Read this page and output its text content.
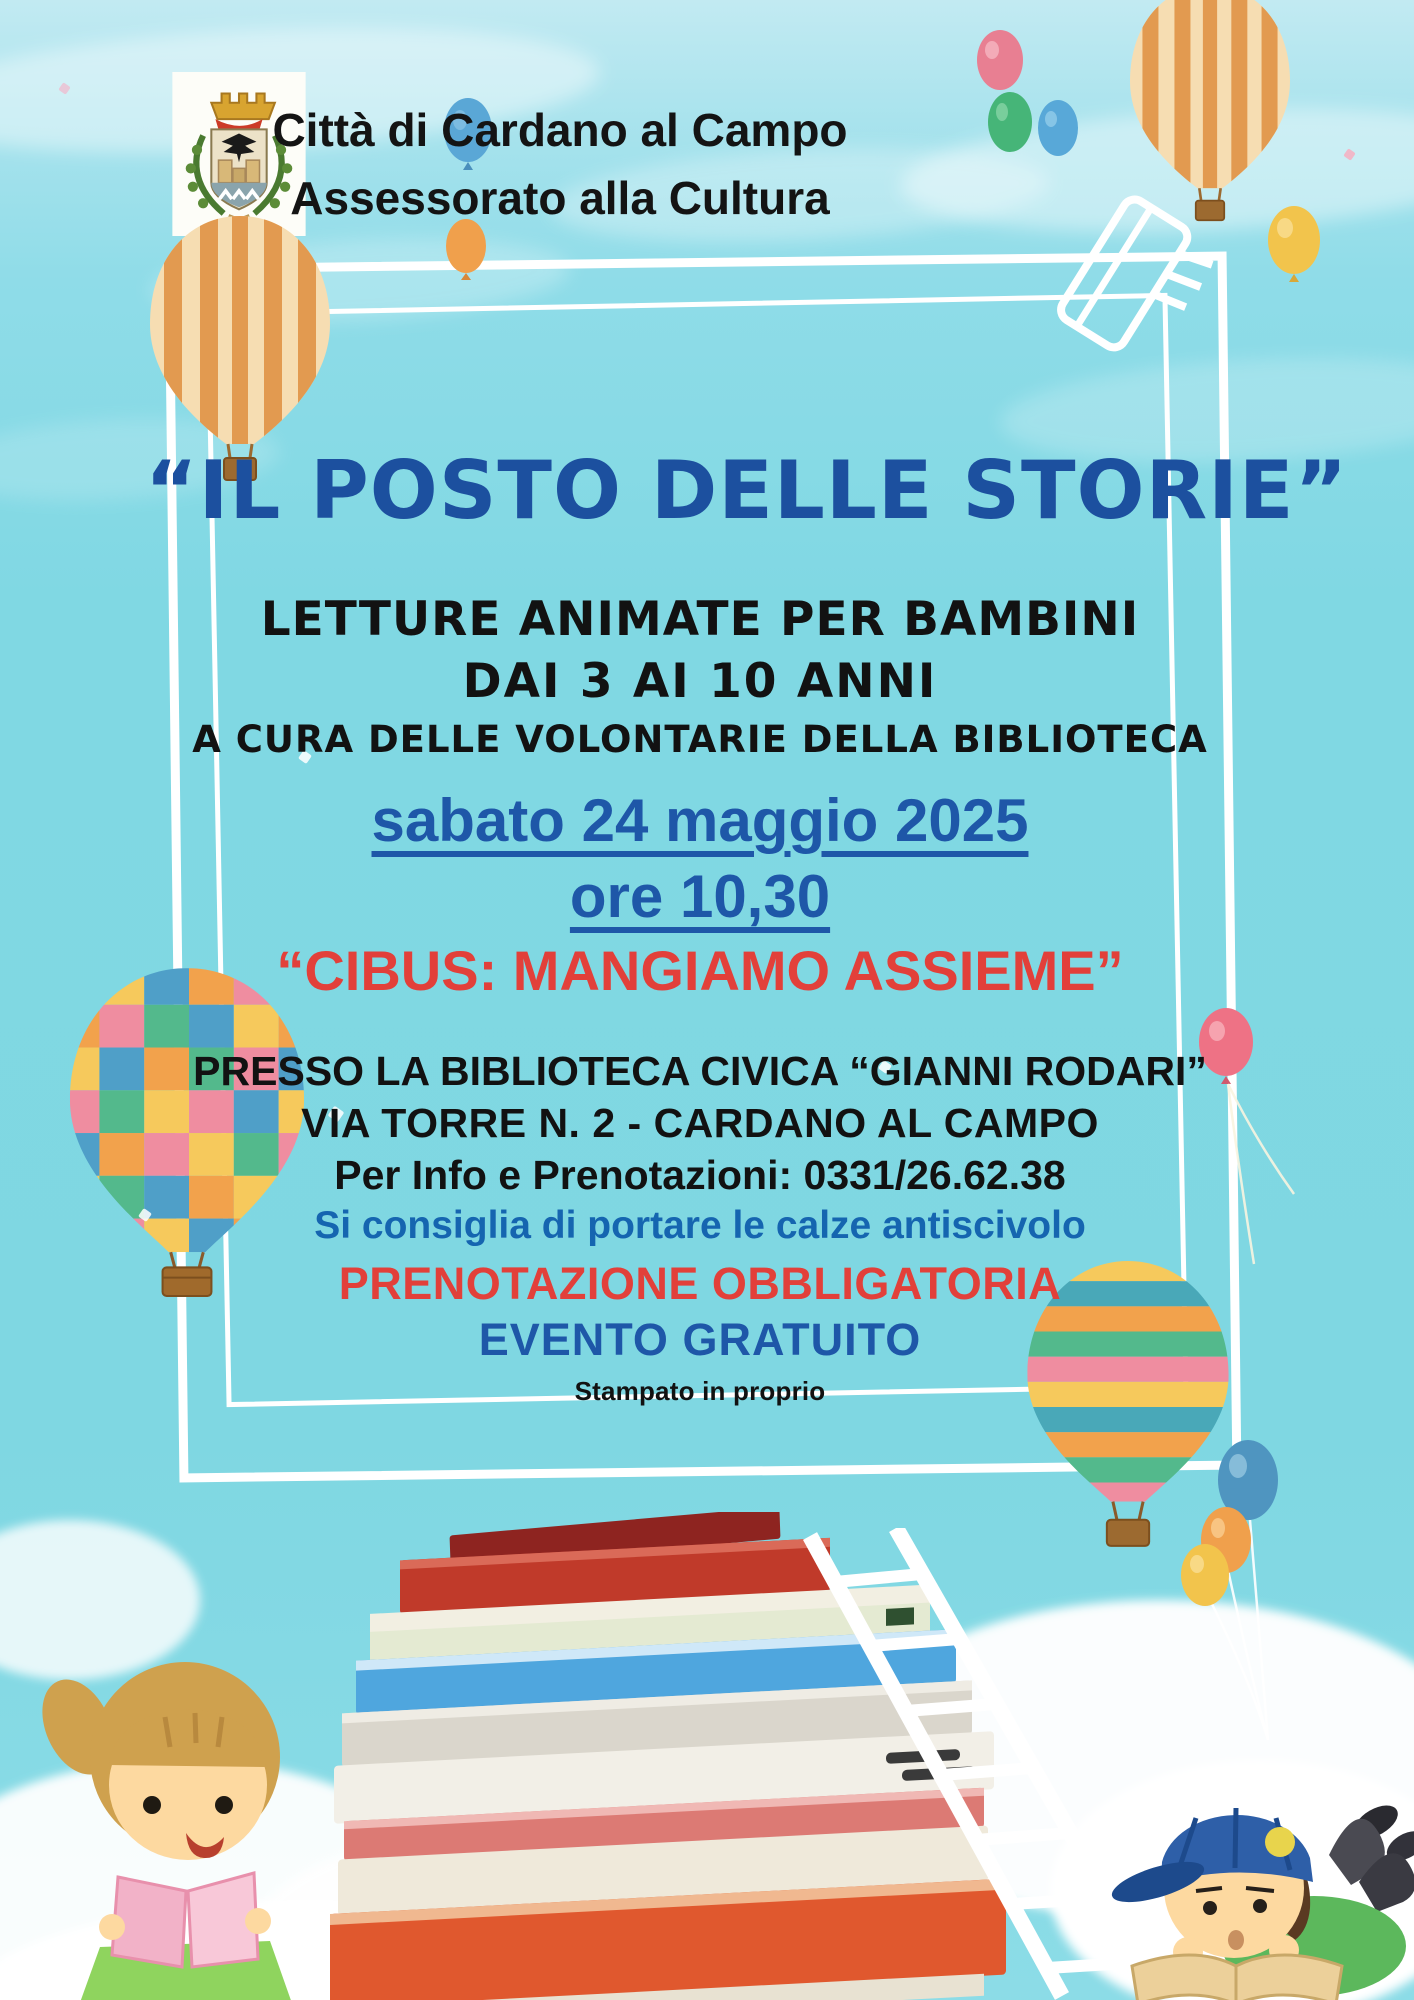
Città di Cardano al Campo
Assessorato alla Cultura
“IL POSTO DELLE STORIE”
LETTURE ANIMATE PER BAMBINI
DAI 3 AI 10 ANNI
A CURA DELLE VOLONTARIE DELLA BIBLIOTECA
sabato 24 maggio 2025
ore 10,30
“CIBUS: MANGIAMO ASSIEME”
PRESSO LA BIBLIOTECA CIVICA “GIANNI RODARI”
VIA TORRE N. 2 - CARDANO AL CAMPO
Per Info e Prenotazioni: 0331/26.62.38
Si consiglia di portare le calze antiscivolo
PRENOTAZIONE OBBLIGATORIA
EVENTO GRATUITO
Stampato in proprio
